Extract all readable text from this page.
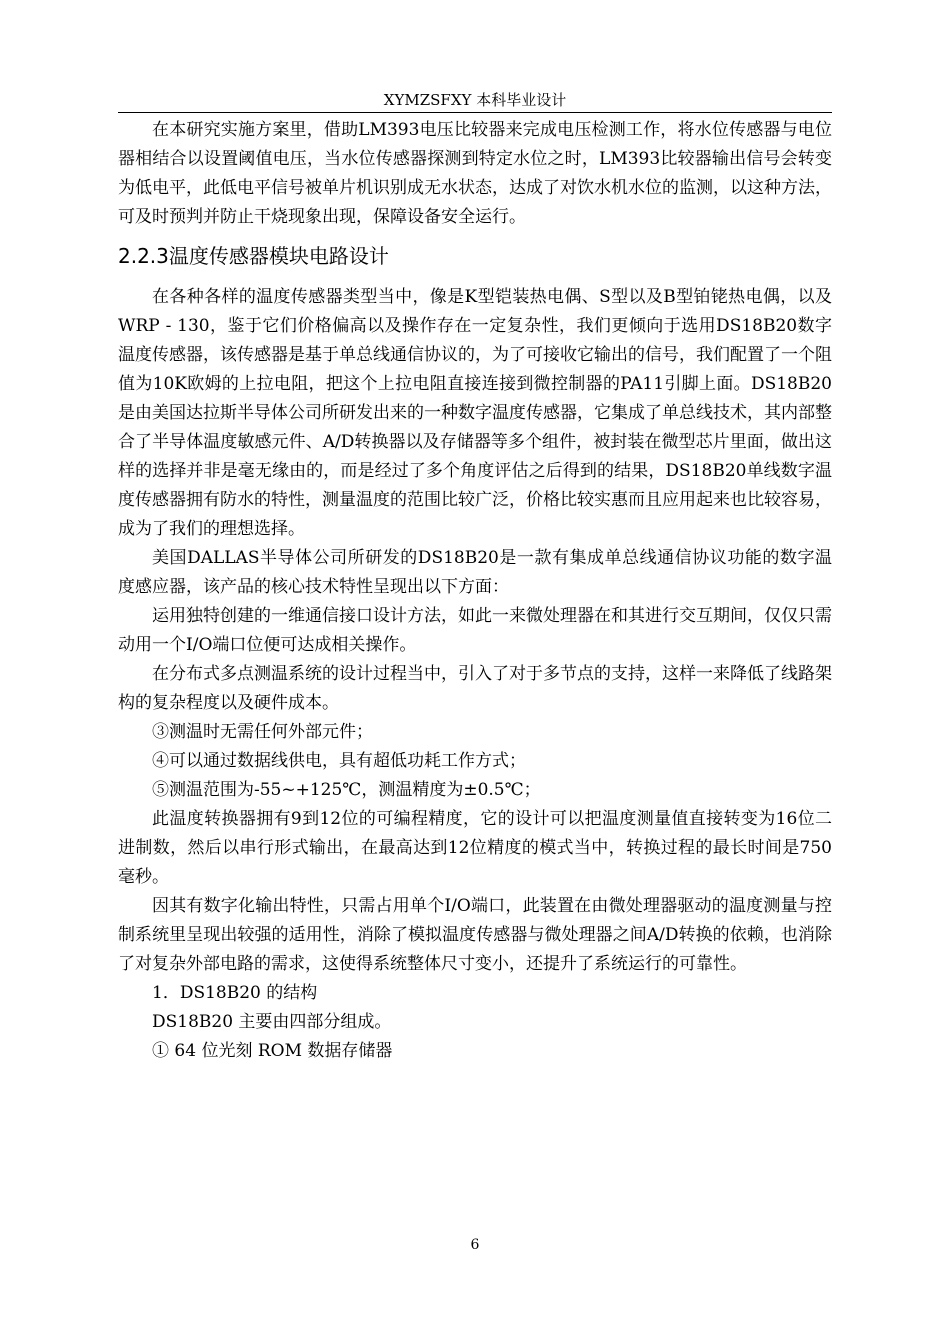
XYMZSFXY 本科毕业设计

在本研究实施方案里，借助LM393电压比较器来完成电压检测工作，将水位传感器与电位器相结合以设置阈值电压，当水位传感器探测到特定水位之时，LM393比较器输出信号会转变为低电平，此低电平信号被单片机识别成无水状态，达成了对饮水机水位的监测，以这种方法，可及时预判并防止干烧现象出现，保障设备安全运行。

2.2.3温度传感器模块电路设计

在各种各样的温度传感器类型当中，像是K型铠装热电偶、S型以及B型铂铑热电偶，以及WRP - 130，鉴于它们价格偏高以及操作存在一定复杂性，我们更倾向于选用DS18B20数字温度传感器，该传感器是基于单总线通信协议的，为了可接收它输出的信号，我们配置了一个阻值为10K欧姆的上拉电阻，把这个上拉电阻直接连接到微控制器的PA11引脚上面。DS18B20是由美国达拉斯半导体公司所研发出来的一种数字温度传感器，它集成了单总线技术，其内部整合了半导体温度敏感元件、A/D转换器以及存储器等多个组件，被封装在微型芯片里面，做出这样的选择并非是毫无缘由的，而是经过了多个角度评估之后得到的结果，DS18B20单线数字温度传感器拥有防水的特性，测量温度的范围比较广泛，价格比较实惠而且应用起来也比较容易，成为了我们的理想选择。

美国DALLAS半导体公司所研发的DS18B20是一款有集成单总线通信协议功能的数字温度感应器，该产品的核心技术特性呈现出以下方面：

运用独特创建的一维通信接口设计方法，如此一来微处理器在和其进行交互期间，仅仅只需动用一个I/O端口位便可达成相关操作。

在分布式多点测温系统的设计过程当中，引入了对于多节点的支持，这样一来降低了线路架构的复杂程度以及硬件成本。

③测温时无需任何外部元件；

④可以通过数据线供电，具有超低功耗工作方式；

⑤测温范围为-55~+125℃，测温精度为±0.5℃；

此温度转换器拥有9到12位的可编程精度，它的设计可以把温度测量值直接转变为16位二进制数，然后以串行形式输出，在最高达到12位精度的模式当中，转换过程的最长时间是750毫秒。

因其有数字化输出特性，只需占用单个I/O端口，此装置在由微处理器驱动的温度测量与控制系统里呈现出较强的适用性，消除了模拟温度传感器与微处理器之间A/D转换的依赖，也消除了对复杂外部电路的需求，这使得系统整体尺寸变小，还提升了系统运行的可靠性。

1．DS18B20 的结构

DS18B20 主要由四部分组成。

① 64 位光刻 ROM 数据存储器

6
